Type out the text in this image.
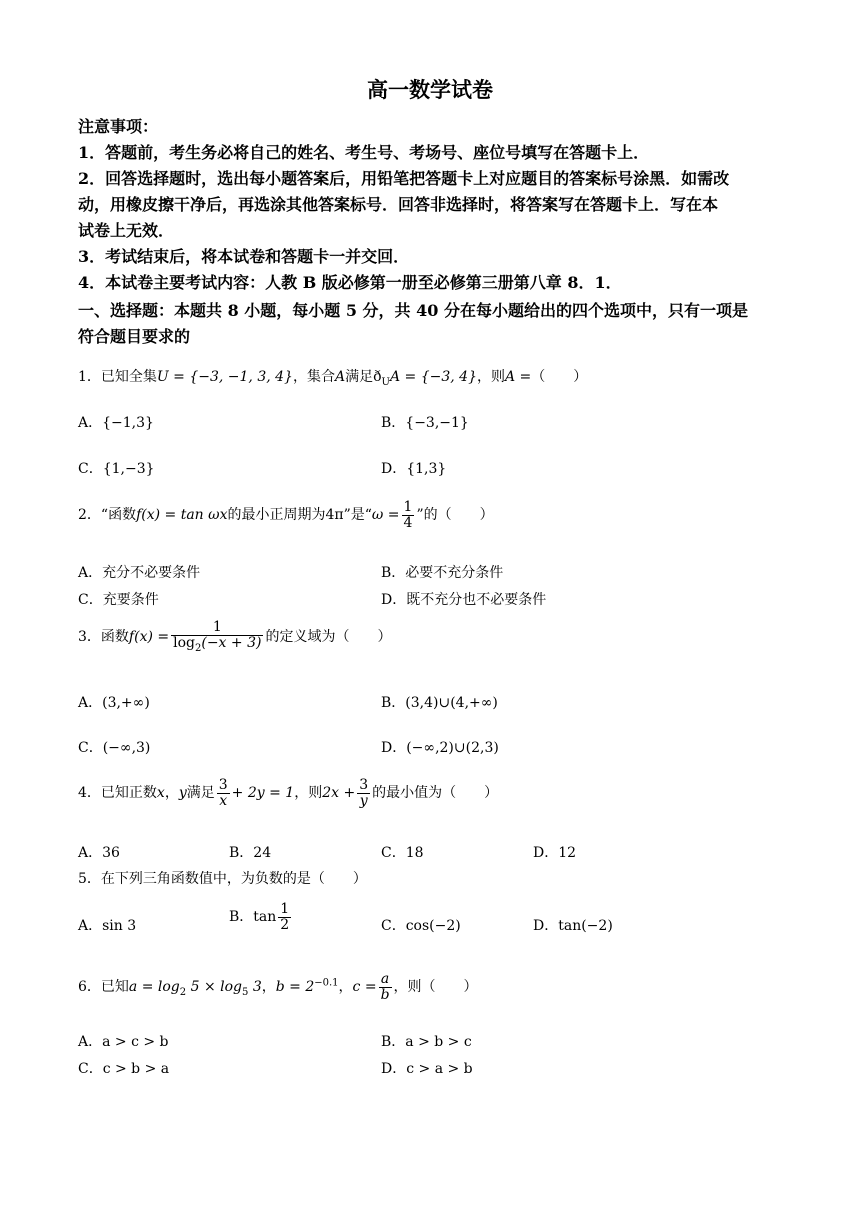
高一数学试卷
注意事项：
1．答题前，考生务必将自己的姓名、考生号、考场号、座位号填写在答题卡上．
2．回答选择题时，选出每小题答案后，用铅笔把答题卡上对应题目的答案标号涂黑．如需改
动，用橡皮擦干净后，再选涂其他答案标号．回答非选择时，将答案写在答题卡上．写在本
试卷上无效．
3．考试结束后，将本试卷和答题卡一并交回．
4．本试卷主要考试内容：人教 B 版必修第一册至必修第三册第八章 8．1．
一、选择题：本题共 8 小题，每小题 5 分，共 40 分在每小题给出的四个选项中，只有一项是
符合题目要求的
1．已知全集U = {−3, −1, 3, 4}，集合A满足$ð_UA = \{-3$, 4}，则A =（　　）
A．{−1,3}	B．{−3,−1}
C．{1,−3}	D．{1,3}
2．“函数f(x) = tan ωx的最小正周期为4π”是“$\omega = \frac{1}{4}$ ”的（　　）
A．充分不必要条件	B．必要不充分条件
C．充要条件	D．既不充分也不必要条件
3．函数$f(x) = \frac{1}{\log_2(-x + 3)}$ 的定义域为（　　）
A．(3,+∞)	B．(3,4)∪(4,+∞)
C．(−∞,3)	D．(−∞,2)∪(2,3)
4．已知正数x，y满足 $\frac{3}{x} + 2y = 1$，则$2x + \frac{3}{y}$ 的最小值为（　　）
A．36	B．24	C．18	D．12
5．在下列三角函数值中，为负数的是（　　）
A．sin 3
B．$\tan \frac{1}{2}$	C．cos(−2)	D．tan(−2)
6．已知$a = \log_2 5 \times \log_5 3$，$b = 2^{-0.1}$，$c = \frac{a}{b}$ ，则（　　）
A．a > c > b	B．a > b > c
C．c > b > a	D．c > a > b
